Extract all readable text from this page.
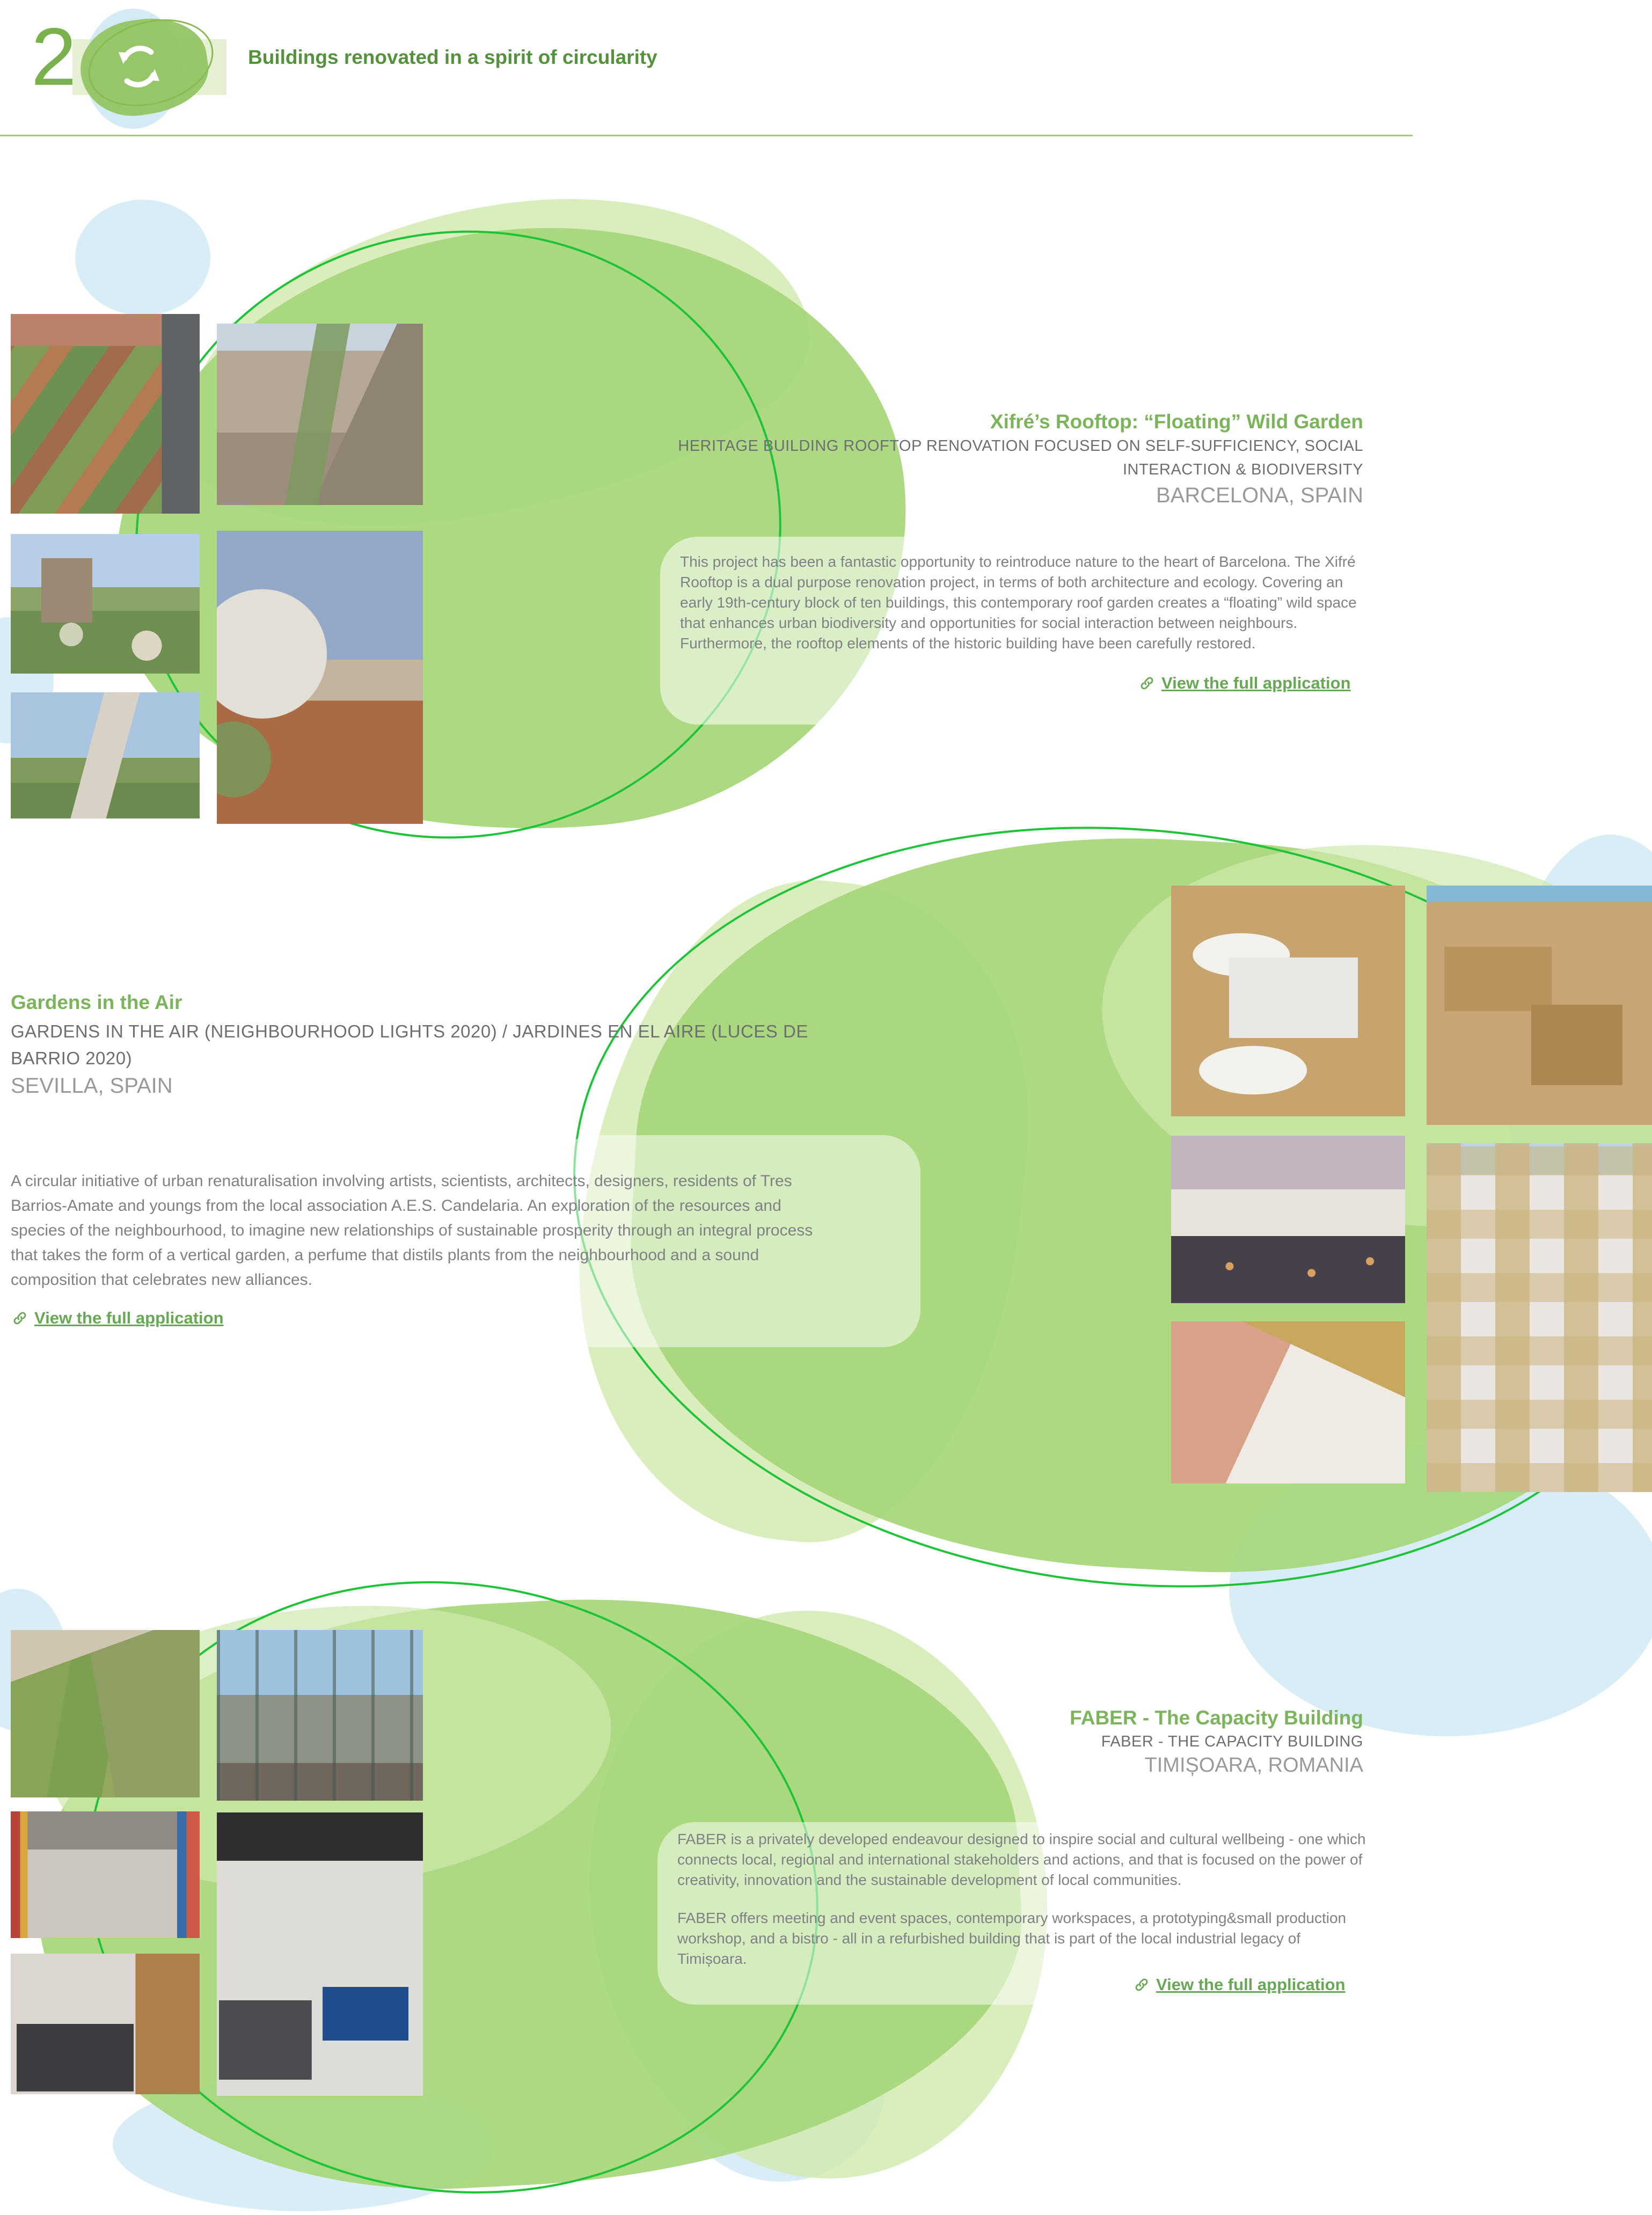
2	Buildings renovated in a spirit of circularity
Xifré’s Rooftop: “Floating” Wild Garden
HERITAGE BUILDING ROOFTOP RENOVATION FOCUSED ON SELF-SUFFICIENCY, SOCIAL INTERACTION & BIODIVERSITY
BARCELONA, SPAIN

This project has been a fantastic opportunity to reintroduce nature to the heart of Barcelona. The Xifré Rooftop is a dual purpose renovation project, in terms of both architecture and ecology. Covering an early 19th-century block of ten buildings, this contemporary roof garden creates a “floating” wild space that enhances urban biodiversity and opportunities for social interaction between neighbours. Furthermore, the rooftop elements of the historic building have been carefully restored.

View the full application
Gardens in the Air
GARDENS IN THE AIR (NEIGHBOURHOOD LIGHTS 2020) / JARDINES EN EL AIRE (LUCES DE BARRIO 2020)
SEVILLA, SPAIN

A circular initiative of urban renaturalisation involving artists, scientists, architects, designers, residents of Tres Barrios-Amate and youngs from the local association A.E.S. Candelaria. An exploration of the resources and species of the neighbourhood, to imagine new relationships of sustainable prosperity through an integral process that takes the form of a vertical garden, a perfume that distils plants from the neighbourhood and a sound composition that celebrates new alliances.

View the full application
FABER - The Capacity Building
FABER - THE CAPACITY BUILDING
TIMIȘOARA, ROMANIA

FABER is a privately developed endeavour designed to inspire social and cultural wellbeing - one which connects local, regional and international stakeholders and actions, and that is focused on the power of creativity, innovation and the sustainable development of local communities.

FABER offers meeting and event spaces, contemporary workspaces, a prototyping&small production workshop, and a bistro - all in a refurbished building that is part of the local industrial legacy of Timișoara.

View the full application
